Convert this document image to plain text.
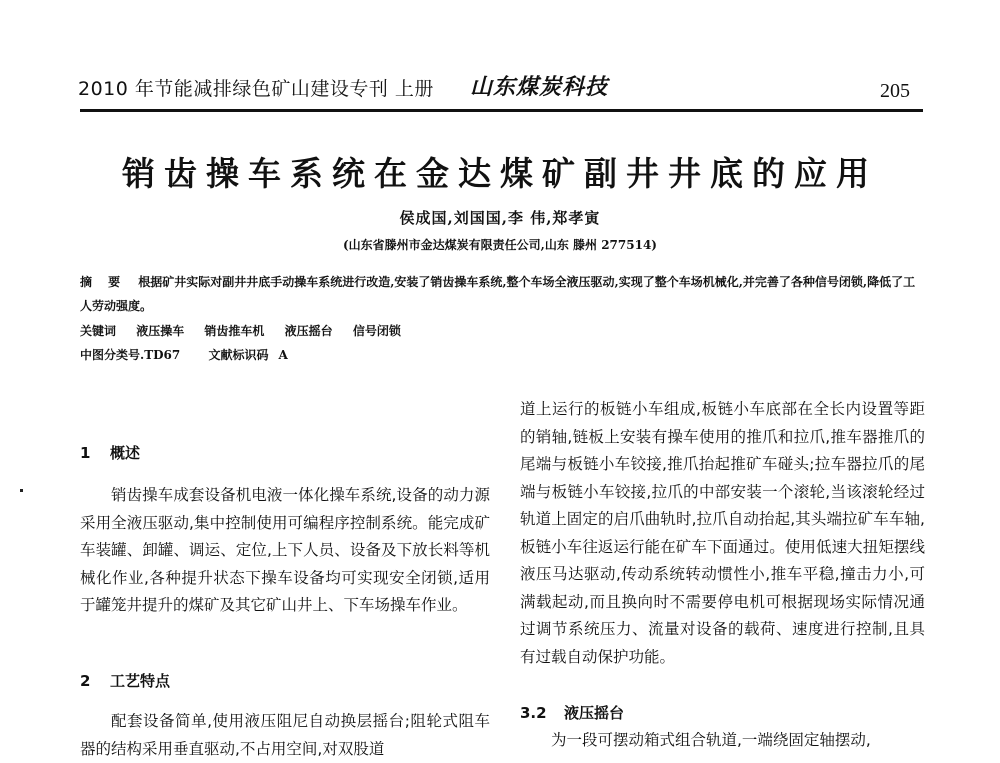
2010 年节能减排绿色矿山建设专刊 上册 山东煤炭科技	205
销齿操车系统在金达煤矿副井井底的应用
侯成国,刘国国,李 伟,郑孝寅
(山东省滕州市金达煤炭有限责任公司,山东 滕州 277514)
摘 要 根据矿井实际对副井井底手动操车系统进行改造,安装了销齿操车系统,整个车场全液压驱动,实现了整个车场机械化,并完善了各种信号闭锁,降低了工人劳动强度。
关键词 液压操车 销齿推车机 液压摇台 信号闭锁
中图分类号.TD67 文献标识码 A
1 概述
销齿操车成套设备机电液一体化操车系统,设备的动力源采用全液压驱动,集中控制使用可编程序控制系统。能完成矿车装罐、卸罐、调运、定位,上下人员、设备及下放长料等机械化作业,各种提升状态下操车设备均可实现安全闭锁,适用于罐笼井提升的煤矿及其它矿山井上、下车场操车作业。
2 工艺特点
配套设备简单,使用液压阻尼自动换层摇台;阻轮式阻车器的结构采用垂直驱动,不占用空间,对双股道
道上运行的板链小车组成,板链小车底部在全长内设置等距的销轴,链板上安装有操车使用的推爪和拉爪,推车器推爪的尾端与板链小车铰接,推爪抬起推矿车碰头;拉车器拉爪的尾端与板链小车铰接,拉爪的中部安装一个滚轮,当该滚轮经过轨道上固定的启爪曲轨时,拉爪自动抬起,其头端拉矿车车轴,板链小车往返运行能在矿车下面通过。使用低速大扭矩摆线液压马达驱动,传动系统转动惯性小,推车平稳,撞击力小,可满载起动,而且换向时不需要停电机可根据现场实际情况通过调节系统压力、流量对设备的载荷、速度进行控制,且具有过载自动保护功能。
3.2 液压摇台
为一段可摆动箱式组合轨道,一端绕固定轴摆动,
